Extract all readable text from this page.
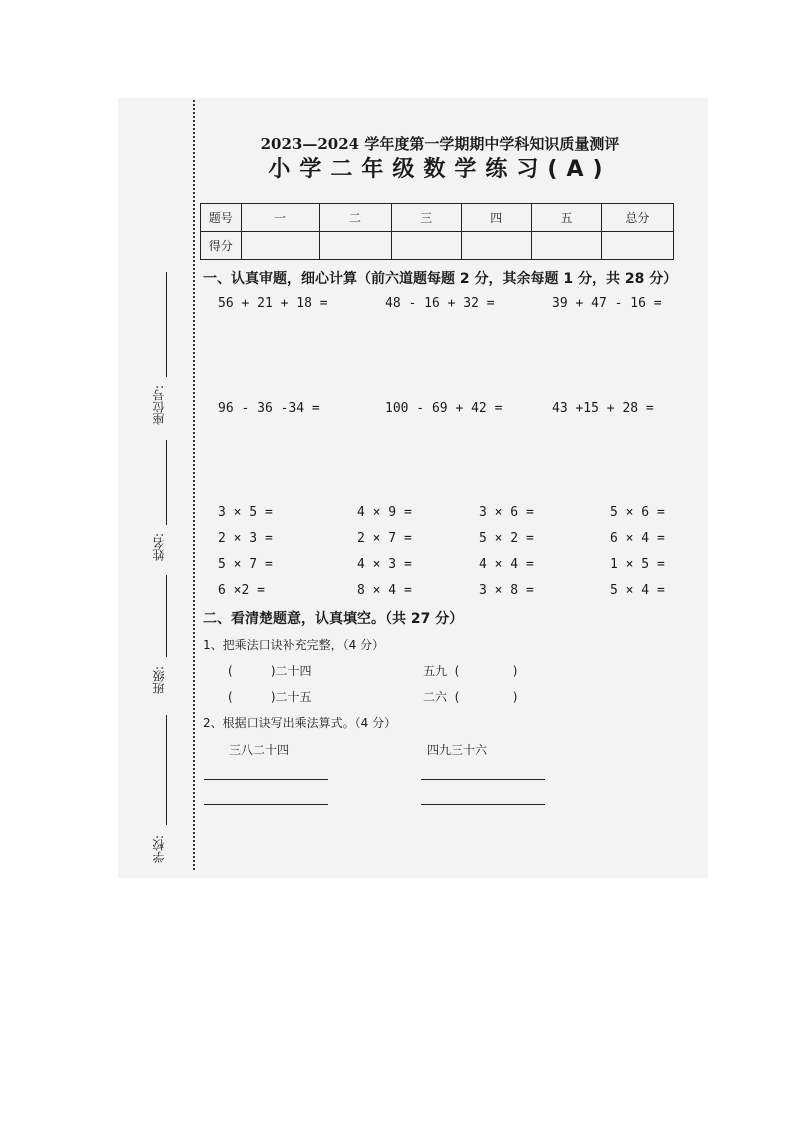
座位号:
姓名:
班级:
学校:
2023—2024 学年度第一学期期中学科知识质量测评
小学二年级数学练习(A)
题号	一	二	三	四	五	总分
得分						
一、认真审题，细心计算（前六道题每题 2 分，其余每题 1 分，共 28 分）
56 + 21 + 18 =	48 - 16 + 32 =	39 + 47 - 16 =
96 - 36 -34 =	100 - 69 + 42 =	43 +15 + 28 =
3 × 5 =	4 × 9 =	3 × 6 =	5 × 6 =
2 × 3 =	2 × 7 =	5 × 2 =	6 × 4 =
5 × 7 =	4 × 3 =	4 × 4 =	1 × 5 =
6 ×2 =	8 × 4 =	3 × 8 =	5 × 4 =
二、看清楚题意，认真填空。（共 27 分）
1、把乘法口诀补充完整，（4 分）
(          )二十四	五九  (              )
(          )二十五	二六  (              )
2、根据口诀写出乘法算式。（4 分）
三八二十四	四九三十六
